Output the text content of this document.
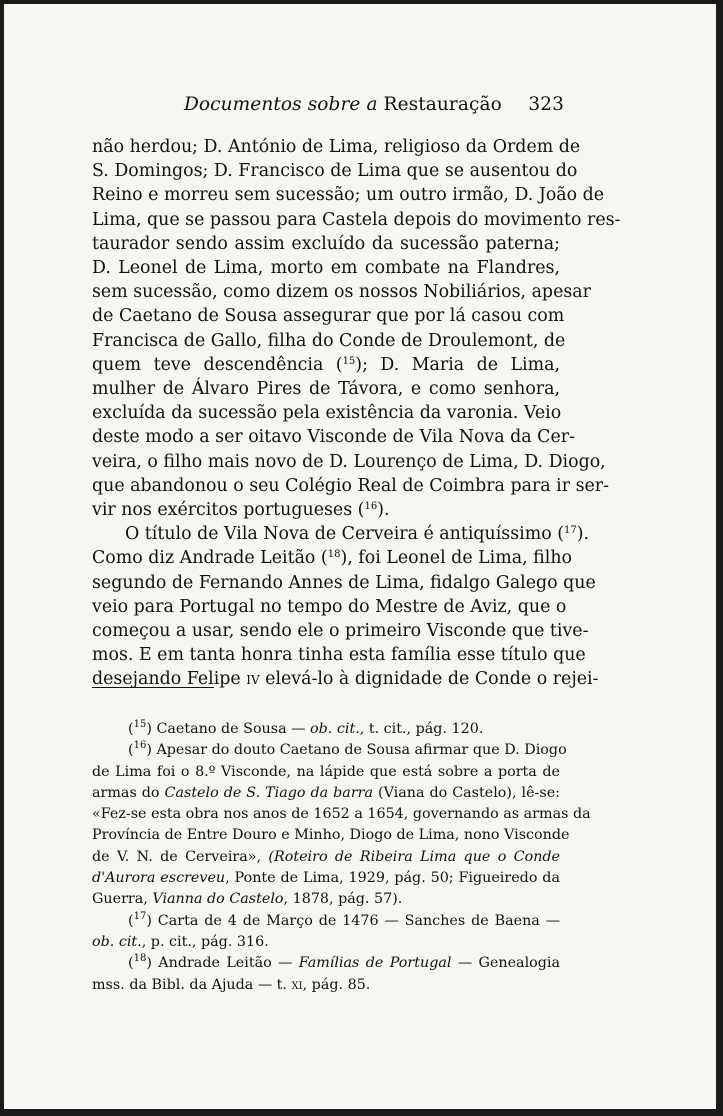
Documentos sobre a Restauração 323
não herdou; D. António de Lima, religioso da Ordem de
S. Domingos; D. Francisco de Lima que se ausentou do
Reino e morreu sem sucessão; um outro irmão, D. João de
Lima, que se passou para Castela depois do movimento res-
taurador sendo assim excluído da sucessão paterna;
D. Leonel de Lima, morto em combate na Flandres,
sem sucessão, como dizem os nossos Nobiliários, apesar
de Caetano de Sousa assegurar que por lá casou com
Francisca de Gallo, filha do Conde de Droulemont, de
quem teve descendência ($^{15}$); D. Maria de Lima,
mulher de Álvaro Pires de Távora, e como senhora,
excluída da sucessão pela existência da varonia. Veio
deste modo a ser oitavo Visconde de Vila Nova da Cer-
veira, o filho mais novo de D. Lourenço de Lima, D. Diogo,
que abandonou o seu Colégio Real de Coimbra para ir ser-
vir nos exércitos portugueses ($^{16}$).
O título de Vila Nova de Cerveira é antiquíssimo ($^{17}$).
Como diz Andrade Leitão ($^{18}$), foi Leonel de Lima, filho
segundo de Fernando Annes de Lima, fidalgo Galego que
veio para Portugal no tempo do Mestre de Aviz, que o
começou a usar, sendo ele o primeiro Visconde que tive-
mos. E em tanta honra tinha esta família esse título que
desejando Felipe iv elevá-lo à dignidade de Conde o rejei-
($^{15}$) Caetano de Sousa — ob. cit., t. cit., pág. 120.
($^{16}$) Apesar do douto Caetano de Sousa afirmar que D. Diogo
de Lima foi o 8.º Visconde, na lápide que está sobre a porta de
armas do Castelo de S. Tiago da barra (Viana do Castelo), lê-se:
«Fez-se esta obra nos anos de 1652 a 1654, governando as armas da
Província de Entre Douro e Minho, Diogo de Lima, nono Visconde
de V. N. de Cerveira», (Roteiro de Ribeira Lima que o Conde
d'Aurora escreveu, Ponte de Lima, 1929, pág. 50; Figueiredo da
Guerra, Vianna do Castelo, 1878, pág. 57).
($^{17}$) Carta de 4 de Março de 1476 — Sanches de Baena —
ob. cit., p. cit., pág. 316.
($^{18}$) Andrade Leitão — Famílias de Portugal — Genealogia
mss. da Bibl. da Ajuda — t. xi, pág. 85.
